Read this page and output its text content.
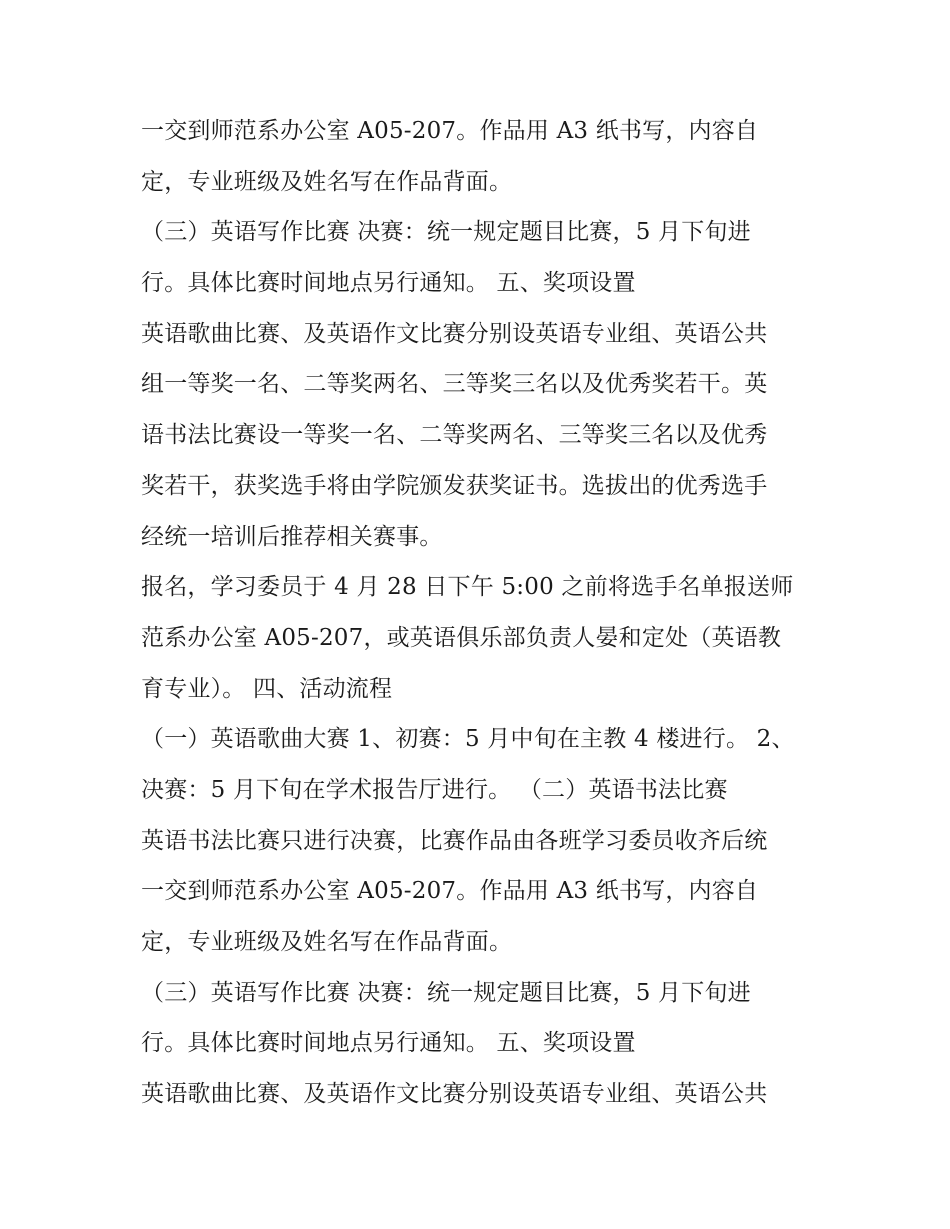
一交到师范系办公室 A05-207。作品用 A3 纸书写，内容自
定，专业班级及姓名写在作品背面。
（三）英语写作比赛 决赛：统一规定题目比赛，5 月下旬进
行。具体比赛时间地点另行通知。 五、奖项设置
英语歌曲比赛、及英语作文比赛分别设英语专业组、英语公共
组一等奖一名、二等奖两名、三等奖三名以及优秀奖若干。英
语书法比赛设一等奖一名、二等奖两名、三等奖三名以及优秀
奖若干，获奖选手将由学院颁发获奖证书。选拔出的优秀选手
经统一培训后推荐相关赛事。
报名，学习委员于 4 月 28 日下午 5:00 之前将选手名单报送师
范系办公室 A05-207，或英语俱乐部负责人晏和定处（英语教
育专业）。 四、活动流程
（一）英语歌曲大赛 1、初赛：5 月中旬在主教 4 楼进行。 2、
决赛：5 月下旬在学术报告厅进行。 （二）英语书法比赛
英语书法比赛只进行决赛，比赛作品由各班学习委员收齐后统
一交到师范系办公室 A05-207。作品用 A3 纸书写，内容自
定，专业班级及姓名写在作品背面。
（三）英语写作比赛 决赛：统一规定题目比赛，5 月下旬进
行。具体比赛时间地点另行通知。 五、奖项设置
英语歌曲比赛、及英语作文比赛分别设英语专业组、英语公共
